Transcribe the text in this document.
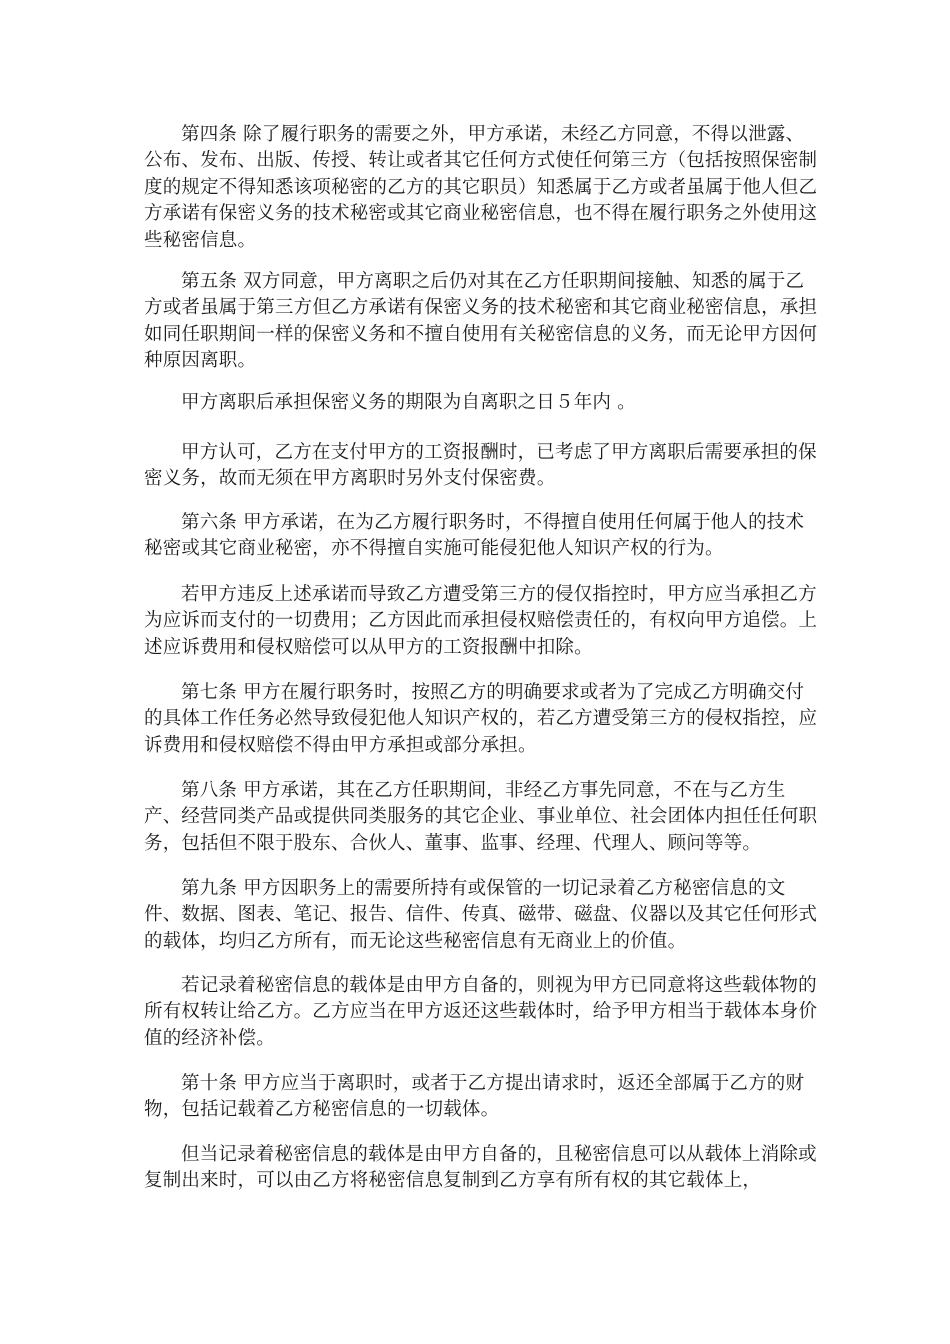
第四条 除了履行职务的需要之外，甲方承诺，未经乙方同意，不得以泄露、公布、发布、出版、传授、转让或者其它任何方式使任何第三方（包括按照保密制度的规定不得知悉该项秘密的乙方的其它职员）知悉属于乙方或者虽属于他人但乙方承诺有保密义务的技术秘密或其它商业秘密信息，也不得在履行职务之外使用这些秘密信息。

第五条 双方同意，甲方离职之后仍对其在乙方任职期间接触、知悉的属于乙方或者虽属于第三方但乙方承诺有保密义务的技术秘密和其它商业秘密信息，承担如同任职期间一样的保密义务和不擅自使用有关秘密信息的义务，而无论甲方因何种原因离职。

甲方离职后承担保密义务的期限为自离职之日５年内 。

甲方认可，乙方在支付甲方的工资报酬时，已考虑了甲方离职后需要承担的保密义务，故而无须在甲方离职时另外支付保密费。

第六条 甲方承诺，在为乙方履行职务时，不得擅自使用任何属于他人的技术秘密或其它商业秘密，亦不得擅自实施可能侵犯他人知识产权的行为。

若甲方违反上述承诺而导致乙方遭受第三方的侵仅指控时，甲方应当承担乙方为应诉而支付的一切费用；乙方因此而承担侵权赔偿责任的，有权向甲方追偿。上述应诉费用和侵权赔偿可以从甲方的工资报酬中扣除。

第七条 甲方在履行职务时，按照乙方的明确要求或者为了完成乙方明确交付的具体工作任务必然导致侵犯他人知识产权的，若乙方遭受第三方的侵权指控，应诉费用和侵权赔偿不得由甲方承担或部分承担。

第八条 甲方承诺，其在乙方任职期间，非经乙方事先同意，不在与乙方生产、经营同类产品或提供同类服务的其它企业、事业单位、社会团体内担任任何职务，包括但不限于股东、合伙人、董事、监事、经理、代理人、顾问等等。

第九条 甲方因职务上的需要所持有或保管的一切记录着乙方秘密信息的文件、数据、图表、笔记、报告、信件、传真、磁带、磁盘、仪器以及其它任何形式的载体，均归乙方所有，而无论这些秘密信息有无商业上的价值。

若记录着秘密信息的载体是由甲方自备的，则视为甲方已同意将这些载体物的所有权转让给乙方。乙方应当在甲方返还这些载体时，给予甲方相当于载体本身价值的经济补偿。

第十条 甲方应当于离职时，或者于乙方提出请求时，返还全部属于乙方的财物，包括记载着乙方秘密信息的一切载体。

但当记录着秘密信息的载体是由甲方自备的，且秘密信息可以从载体上消除或复制出来时，可以由乙方将秘密信息复制到乙方享有所有权的其它载体上，
